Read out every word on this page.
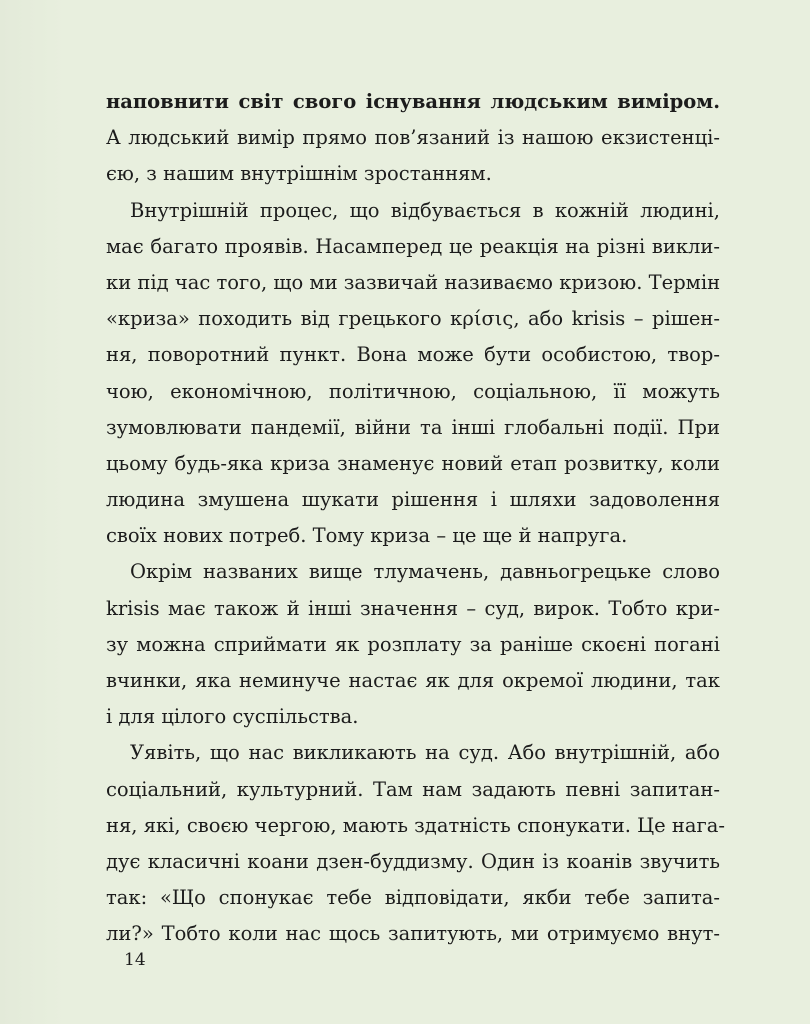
наповнити світ свого існування людським виміром.
А людський вимір прямо пов’язаний із нашою екзистенці-
єю, з нашим внутрішнім зростанням.
Внутрішній процес, що відбувається в кожній людині,
має багато проявів. Насамперед це реакція на різні викли-
ки під час того, що ми зазвичай називаємо кризою. Термін
«криза» походить від грецького κρίσις, або krisis – рішен-
ня, поворотний пункт. Вона може бути особистою, твор-
чою, економічною, політичною, соціальною, її можуть
зумовлювати пандемії, війни та інші глобальні події. При
цьому будь-яка криза знаменує новий етап розвитку, коли
людина змушена шукати рішення і шляхи задоволення
своїх нових потреб. Тому криза – це ще й напруга.
Окрім названих вище тлумачень, давньогрецьке слово
krisis має також й інші значення – суд, вирок. Тобто кри-
зу можна сприймати як розплату за раніше скоєні погані
вчинки, яка неминуче настає як для окремої людини, так
і для цілого суспільства.
Уявіть, що нас викликають на суд. Або внутрішній, або
соціальний, культурний. Там нам задають певні запитан-
ня, які, своєю чергою, мають здатність спонукати. Це нага-
дує класичні коани дзен-буддизму. Один із коанів звучить
так: «Що спонукає тебе відповідати, якби тебе запита-
ли?» Тобто коли нас щось запитують, ми отримуємо внут-
14
